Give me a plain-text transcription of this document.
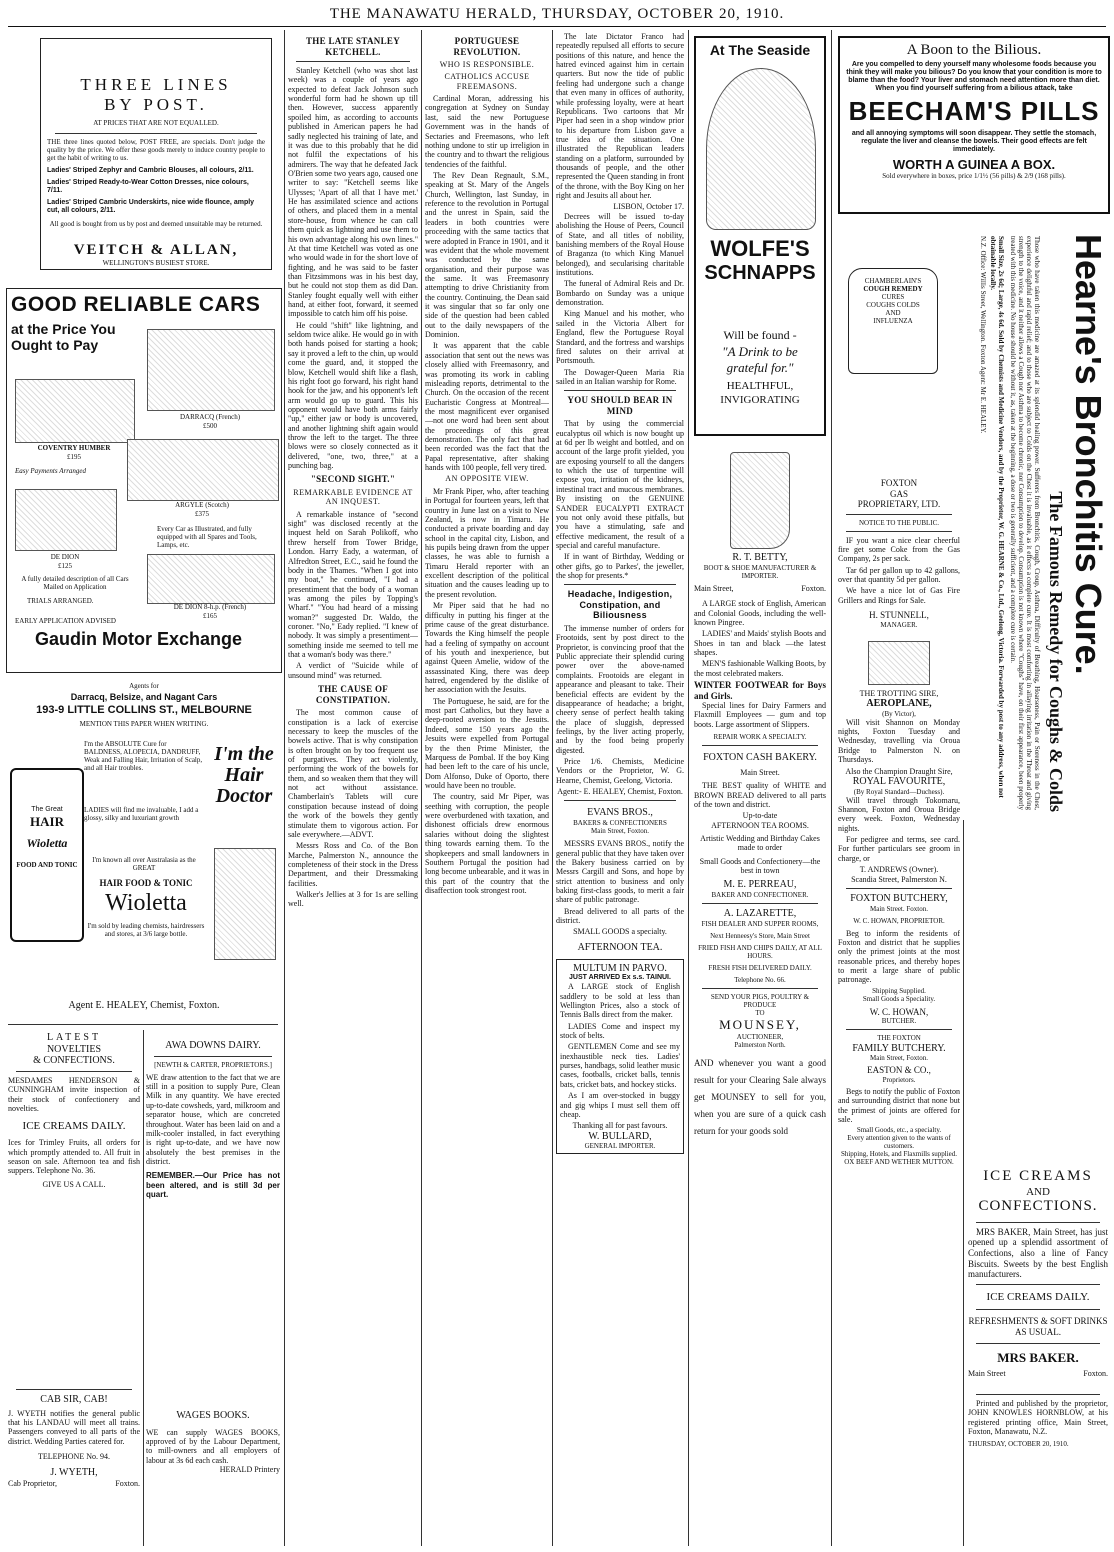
THE MANAWATU HERALD, THURSDAY, OCTOBER 20, 1910.
THREE LINES
BY POST.
AT PRICES THAT ARE NOT EQUALLED.
THE three lines quoted below, POST FREE, are specials. Don't judge the quality by the price. We offer these goods merely to induce country people to get the habit of writing to us.
Ladies' Striped Zephyr and Cambric Blouses, all colours, 2/11.
Ladies' Striped Ready-to-Wear Cotton Dresses, nice colours, 7/11.
Ladies' Striped Cambric Underskirts, nice wide flounce, amply cut, all colours, 2/11.
All good is bought from us by post and deemed unsuitable may be returned.
VEITCH & ALLAN,
WELLINGTON'S BUSIEST STORE.
GOOD RELIABLE CARS
at the Price You
Ought to Pay
DARRACQ (French)
£500
COVENTRY HUMBER
£195
Easy Payments Arranged
ARGYLE (Scotch)
£375
Every Car as Illustrated, and fully equipped with all Spares and Tools, Lamps, etc.
DE DION
£125
DE DION 8-h.p. (French)
£165
A fully detailed description of all Cars Mailed on Application
TRIALS ARRANGED.
EARLY APPLICATION ADVISED
Gaudin Motor Exchange
Agents for
Darracq, Belsize, and Nagant Cars
193-9 LITTLE COLLINS ST., MELBOURNE
MENTION THIS PAPER WHEN WRITING.
The Great
HAIR
Wioletta
FOOD AND TONIC
I'm the ABSOLUTE Cure for BALDNESS, ALOPECIA, DANDRUFF, Weak and Falling Hair, Irritation of Scalp, and all Hair troubles.
LADIES will find me invaluable, I add a glossy, silky and luxuriant growth
I'm known all over Australasia as the GREAT
HAIR FOOD & TONIC
Wioletta
I'm sold by leading chemists, hairdressers and stores, at 3/6 large bottle.
I'm the Hair Doctor
Agent E. HEALEY, Chemist, Foxton.
LATEST
NOVELTIES
& CONFECTIONS.
MESDAMES HENDERSON & CUNNINGHAM invite inspection of their stock of confectionery and novelties.
ICE CREAMS DAILY.
Ices for Trimley Fruits, all orders for which promptly attended to. All fruit in season on sale. Afternoon tea and fish suppers. Telephone No. 36.
GIVE US A CALL.
CAB SIR, CAB!
J. WYETH notifies the general public that his LANDAU will meet all trains. Passengers conveyed to all parts of the district. Wedding Parties catered for.
TELEPHONE No. 94.
J. WYETH,
Cab Proprietor,	Foxton.
AWA DOWNS DAIRY.
[NEWTH & CARTER, PROPRIETORS.]
WE draw attention to the fact that we are still in a position to supply Pure, Clean Milk in any quantity. We have erected up-to-date cowsheds, yard, milkroom and separator house, which are concreted throughout. Water has been laid on and a milk-cooler installed, in fact everything is right up-to-date, and we have now absolutely the best premises in the district.
REMEMBER.—Our Price has not been altered, and is still 3d per quart.
WAGES BOOKS.
WE can supply WAGES BOOKS, approved of by the Labour Department, to mill-owners and all employers of labour at 3s 6d each cash.
HERALD Printery
THE LATE STANLEY KETCHELL.

Stanley Ketchell (who was shot last week) was a couple of years ago expected to defeat Jack Johnson such wonderful form had he shown up till then. However, success apparently spoiled him, as according to accounts published in American papers he had sadly neglected his training of late, and it was due to this probably that he did not fulfil the expectations of his admirers. The way that he defeated Jack O'Brien some two years ago, caused one writer to say: "Ketchell seems like Ulysses; 'Apart of all that I have met.' He has assimilated science and actions of others, and placed them in a mental store-house, from whence he can call them quick as lightning and use them to his own advantage along his own lines." At that time Ketchell was voted as one who would wade in for the short love of fighting, and he was said to be faster than Fitzsimmons was in his best day, but he could not stop them as did Dan. Stanley fought equally well with either hand, at either foot, forward, it seemed impossible to catch him off his poise.

He could "shift" like lightning, and seldom twice alike. He would go in with both hands poised for starting a hook; say it proved a left to the chin, up would come the guard, and, it stopped the blow, Ketchell would shift like a flash, his right foot go forward, his right hand hook for the jaw, and his opponent's left arm would go up to guard. This his opponent would have both arms fairly "up," either jaw or body is uncovered, and another lightning shift again would throw the left to the target. The three blows were so closely connected as it delivered, "one, two, three," at a punching bag.

"SECOND SIGHT."
REMARKABLE EVIDENCE AT AN INQUEST.

A remarkable instance of "second sight" was disclosed recently at the inquest held on Sarah Polikoff, who threw herself from Tower Bridge, London. Harry Eady, a waterman, of Alfredton Street, E.C., said he found the body in the Thames. "When I got into my boat," he continued, "I had a presentiment that the body of a woman was among the piles by Topping's Wharf." "You had heard of a missing woman?" suggested Dr. Waldo, the coroner. "No," Eady replied. "I knew of nobody. It was simply a presentiment—something inside me seemed to tell me that a woman's body was there."

A verdict of "Suicide while of unsound mind" was returned.

THE CAUSE OF CONSTIPATION.

The most common cause of constipation is a lack of exercise necessary to keep the muscles of the bowels active. That is why constipation is often brought on by too frequent use of purgatives. They act violently, performing the work of the bowels for them, and so weaken them that they will not act without assistance. Chamberlain's Tablets will cure constipation because instead of doing the work of the bowels they gently stimulate them to vigorous action. For sale everywhere.—ADVT.

Messrs Ross and Co. of the Bon Marche, Palmerston N., announce the completeness of their stock in the Dress Department, and their Dressmaking facilities.

Walker's Jellies at 3 for 1s are selling well.

PORTUGUESE REVOLUTION.
WHO IS RESPONSIBLE.
CATHOLICS ACCUSE FREEMASONS.

Cardinal Moran, addressing his congregation at Sydney on Sunday last, said the new Portuguese Government was in the hands of Sectaries and Freemasons, who left nothing undone to stir up irreligion in the country and to thwart the religious tendencies of the faithful.

The Rev Dean Regnault, S.M., speaking at St. Mary of the Angels Church, Wellington, last Sunday, in reference to the revolution in Portugal and the unrest in Spain, said the leaders in both countries were proceeding with the same tactics that were adopted in France in 1901, and it was evident that the whole movement was conducted by the same organisation, and their purpose was the same. It was Freemasonry attempting to drive Christianity from the country. Continuing, the Dean said it was singular that so far only one side of the question had been cabled out to the daily newspapers of the Dominion.

It was apparent that the cable association that sent out the news was closely allied with Freemasonry, and was promoting its work in cabling misleading reports, detrimental to the Church. On the occasion of the recent Eucharistic Congress at Montreal—the most magnificent ever organised—not one word had been sent about the proceedings of this great demonstration. The only fact that had been recorded was the fact that the Papal representative, after shaking hands with 100 people, fell very tired.

AN OPPOSITE VIEW.

Mr Frank Piper, who, after teaching in Portugal for fourteen years, left that country in June last on a visit to New Zealand, is now in Timaru. He conducted a private boarding and day school in the capital city, Lisbon, and his pupils being drawn from the upper classes, he was able to furnish a Timaru Herald reporter with an excellent description of the political situation and the causes leading up to the present revolution.

Mr Piper said that he had no difficulty in putting his finger at the prime cause of the great disturbance. Towards the King himself the people had a feeling of sympathy on account of his youth and inexperience, but against Queen Amelie, widow of the assassinated King, there was deep hatred, engendered by the dislike of her association with the Jesuits.

The Portuguese, he said, are for the most part Catholics, but they have a deep-rooted aversion to the Jesuits. Indeed, some 150 years ago the Jesuits were expelled from Portugal by the then Prime Minister, the Marquess de Pombal. If the boy King had been left to the care of his uncle, Dom Alfonso, Duke of Oporto, there would have been no trouble.

The country, said Mr Piper, was seething with corruption, the people were overburdened with taxation, and dishonest officials drew enormous salaries without doing the slightest thing towards earning them. To the shopkeepers and small landowners in Southern Portugal the position had long become unbearable, and it was in this part of the country that the disaffection took strongest root.

The late Dictator Franco had repeatedly repulsed all efforts to secure positions of this nature, and hence the hatred evinced against him in certain quarters. But now the tide of public feeling had undergone such a change that even many in offices of authority, while professing loyalty, were at heart Republicans. Two cartoons that Mr Piper had seen in a shop window prior to his departure from Lisbon gave a true idea of the situation. One illustrated the Republican leaders standing on a platform, surrounded by thousands of people, and the other represented the Queen standing in front of the throne, with the Boy King on her right and Jesuits all about her.

LISBON, October 17.

Decrees will be issued to-day abolishing the House of Peers, Council of State, and all titles of nobility, banishing members of the Royal House of Braganza (to which King Manuel belonged), and secularising charitable institutions.

The funeral of Admiral Reis and Dr. Bombardo on Sunday was a unique demonstration.

King Manuel and his mother, who sailed in the Victoria Albert for England, flew the Portuguese Royal Standard, and the fortress and warships fired salutes on their arrival at Portsmouth.

The Dowager-Queen Maria Ria sailed in an Italian warship for Rome.

YOU SHOULD BEAR IN MIND

That by using the commercial eucalyptus oil which is now bought up at 6d per lb weight and bottled, and on account of the large profit yielded, you are exposing yourself to all the dangers to which the use of turpentine will expose you, irritation of the kidneys, intestinal tract and mucous membranes. By insisting on the GENUINE SANDER EUCALYPTI EXTRACT you not only avoid these pitfalls, but you have a stimulating, safe and effective medicament, the result of a special and careful manufacture.

If in want of Birthday, Wedding or other gifts, go to Parkes', the jeweller, the shop for presents.*

Headache, Indigestion, Constipation, and Biliousness

The immense number of orders for Frootoids, sent by post direct to the Proprietor, is convincing proof that the Public appreciate their splendid curing power over the above-named complaints. Frootoids are elegant in appearance and pleasant to take. Their beneficial effects are evident by the disappearance of headache; a bright, cheery sense of perfect health taking the place of sluggish, depressed feelings, by the liver acting properly, and by the food being properly digested.

Price 1/6. Chemists, Medicine Vendors or the Proprietor, W. G. Hearne, Chemist, Geelong, Victoria.

Agent:- E. HEALEY, Chemist, Foxton.
EVANS BROS.,
BAKERS & CONFECTIONERS
Main Street, Foxton.

MESSRS EVANS BROS., notify the general public that they have taken over the Bakery business carried on by Messrs Cargill and Sons, and hope by strict attention to business and only baking first-class goods, to merit a fair share of public patronage.

Bread delivered to all parts of the district.

SMALL GOODS a specialty.
AFTERNOON TEA.
MULTUM IN PARVO.
JUST ARRIVED Ex s.s. TAINUI.

A LARGE stock of English saddlery to be sold at less than Wellington Prices, also a stock of Tennis Balls direct from the maker.

LADIES Come and inspect my stock of belts.

GENTLEMEN Come and see my inexhaustible neck ties. Ladies' purses, handbags, solid leather music cases, footballs, cricket balls, tennis bats, cricket bats, and hockey sticks.

As I am over-stocked in buggy and gig whips I must sell them off cheap.

Thanking all for past favours.
W. BULLARD,
GENERAL IMPORTER.
At The Seaside
WOLFE'S
SCHNAPPS
Will be found -
"A Drink to be
grateful for."
HEALTHFUL,
INVIGORATING
R. T. BETTY,
BOOT & SHOE MANUFACTURER & IMPORTER.
Main Street,	Foxton.

A LARGE stock of English, American and Colonial Goods, including the well-known Pingree.

LADIES' and Maids' stylish Boots and Shoes in tan and black —the latest shapes.

MEN'S fashionable Walking Boots, by the most celebrated makers.

WINTER FOOTWEAR for Boys and Girls.

Special lines for Dairy Farmers and Flaxmill Employees — gum and top boots. Large assortment of Slippers.

REPAIR WORK A SPECIALTY.
FOXTON CASH BAKERY.
Main Street.

THE BEST quality of WHITE and BROWN BREAD delivered to all parts of the town and district.

Up-to-date
AFTERNOON TEA ROOMS.
Artistic Wedding and Birthday Cakes made to order
Small Goods and Confectionery—the best in town
M. E. PERREAU,
BAKER AND CONFECTIONER.
A. LAZARETTE,
FISH DEALER AND SUPPER ROOMS,
Next Henneesy's Store, Main Street
FRIED FISH AND CHIPS DAILY, AT ALL HOURS.
FRESH FISH DELIVERED DAILY.
Telephone No. 66.
SEND YOUR PIGS, POULTRY & PRODUCE
TO
MOUNSEY,
AUCTIONEER,
Palmerston North.
AND whenever you want a good result for your Clearing Sale always get MOUNSEY to sell for you, when you are sure of a quick cash return for your goods sold
A Boon to the Bilious.
Are you compelled to deny yourself many wholesome foods because you think they will make you bilious? Do you know that your condition is more to blame than the food? Your liver and stomach need attention more than diet. When you find yourself suffering from a bilious attack, take
BEECHAM'S PILLS
and all annoying symptoms will soon disappear. They settle the stomach, regulate the liver and cleanse the bowels. Their good effects are felt immediately.
WORTH A GUINEA A BOX.
Sold everywhere in boxes, price 1/1½ (56 pills) & 2/9 (168 pills).
Hearne's Bronchitis Cure.
The Famous Remedy for Coughs & Colds
Those who have taken this medicine are amazed at its splendid healing power. Sufferers from Bronchitis, Cough, Croup, Asthma, Difficulty of Breathing, Hoarseness, Pain or Soreness in the Chest, experience delightful and rapid relief; and to those who are subject to Colds on the Chest it is invaluable, as it effects a complete cure. It is most comforting in allaying irritation in the Throat and giving strength to the voice, and it neither allows a Cough nor Asthma to become chronic, nor Consumption to develop. Consumption is not known where "Coughs" have, on their first appearance, been properly treated with this medicine. No house should be without it, as, taken at the beginning, a dose or two is generally sufficient, and a complete cure is certain.
Small Size, 2s 6d; Large, 4s 6d. Sold by Chemists and Medicine Vendors, and by the Proprietor, W. G. HEARNE & Co., Ltd., Geelong, Victoria. Forwarded by post to any address, when not obtainable locally.
N.Z. Office: Willis Street, Wellington. Foxton Agent: Mr E. HEALEY.
CHAMBERLAIN'S
COUGH REMEDY
CURES
COUGHS COLDS
AND
INFLUENZA
FOXTON
GAS
PROPRIETARY, LTD.
NOTICE TO THE PUBLIC.

IF you want a nice clear cheerful fire get some Coke from the Gas Company, 2s per sack.

Tar 6d per gallon up to 42 gallons, over that quantity 5d per gallon.

We have a nice lot of Gas Fire Grillers and Rings for Sale.

H. STUNNELL,
MANAGER.
THE TROTTING SIRE,
AEROPLANE,
(By Victor),

Will visit Shannon on Monday nights, Foxton Tuesday and Wednesday, travelling via Oroua Bridge to Palmerston N. on Thursdays.

Also the Champion Draught Sire,
ROYAL FAVOURITE,
(By Royal Standard—Duchess).

Will travel through Tokomaru, Shannon, Foxton and Oroua Bridge every week. Foxton, Wednesday nights.

For pedigree and terms, see card. For further particulars see groom in charge, or

T. ANDREWS (Owner).
Scandia Street, Palmerston N.
FOXTON BUTCHERY,
Main Street. Foxton.
W. C. HOWAN, PROPRIETOR.

Beg to inform the residents of Foxton and district that he supplies only the primest joints at the most reasonable prices, and thereby hopes to merit a large share of public patronage.

Shipping Supplied.
Small Goods a Speciality.
W. C. HOWAN,
BUTCHER.
THE FOXTON
FAMILY BUTCHERY.
Main Street, Foxton.
EASTON & CO.,
Proprietors.

Begs to notify the public of Foxton and surrounding district that none but the primest of joints are offered for sale.

Small Goods, etc., a specialty.
Every attention given to the wants of customers.
Shipping, Hotels, and Flaxmills supplied.
OX BEEF AND WETHER MUTTON.
ICE CREAMS
AND
CONFECTIONS.

MRS BAKER, Main Street, has just opened up a splendid assortment of Confections, also a line of Fancy Biscuits. Sweets by the best English manufacturers.

ICE CREAMS DAILY.
REFRESHMENTS & SOFT DRINKS AS USUAL.
MRS BAKER.
Main Street	Foxton.

Printed and published by the proprietor, JOHN KNOWLES HORNBLOW, at his registered printing office, Main Street, Foxton, Manawatu, N.Z.

THURSDAY, OCTOBER 20, 1910.
